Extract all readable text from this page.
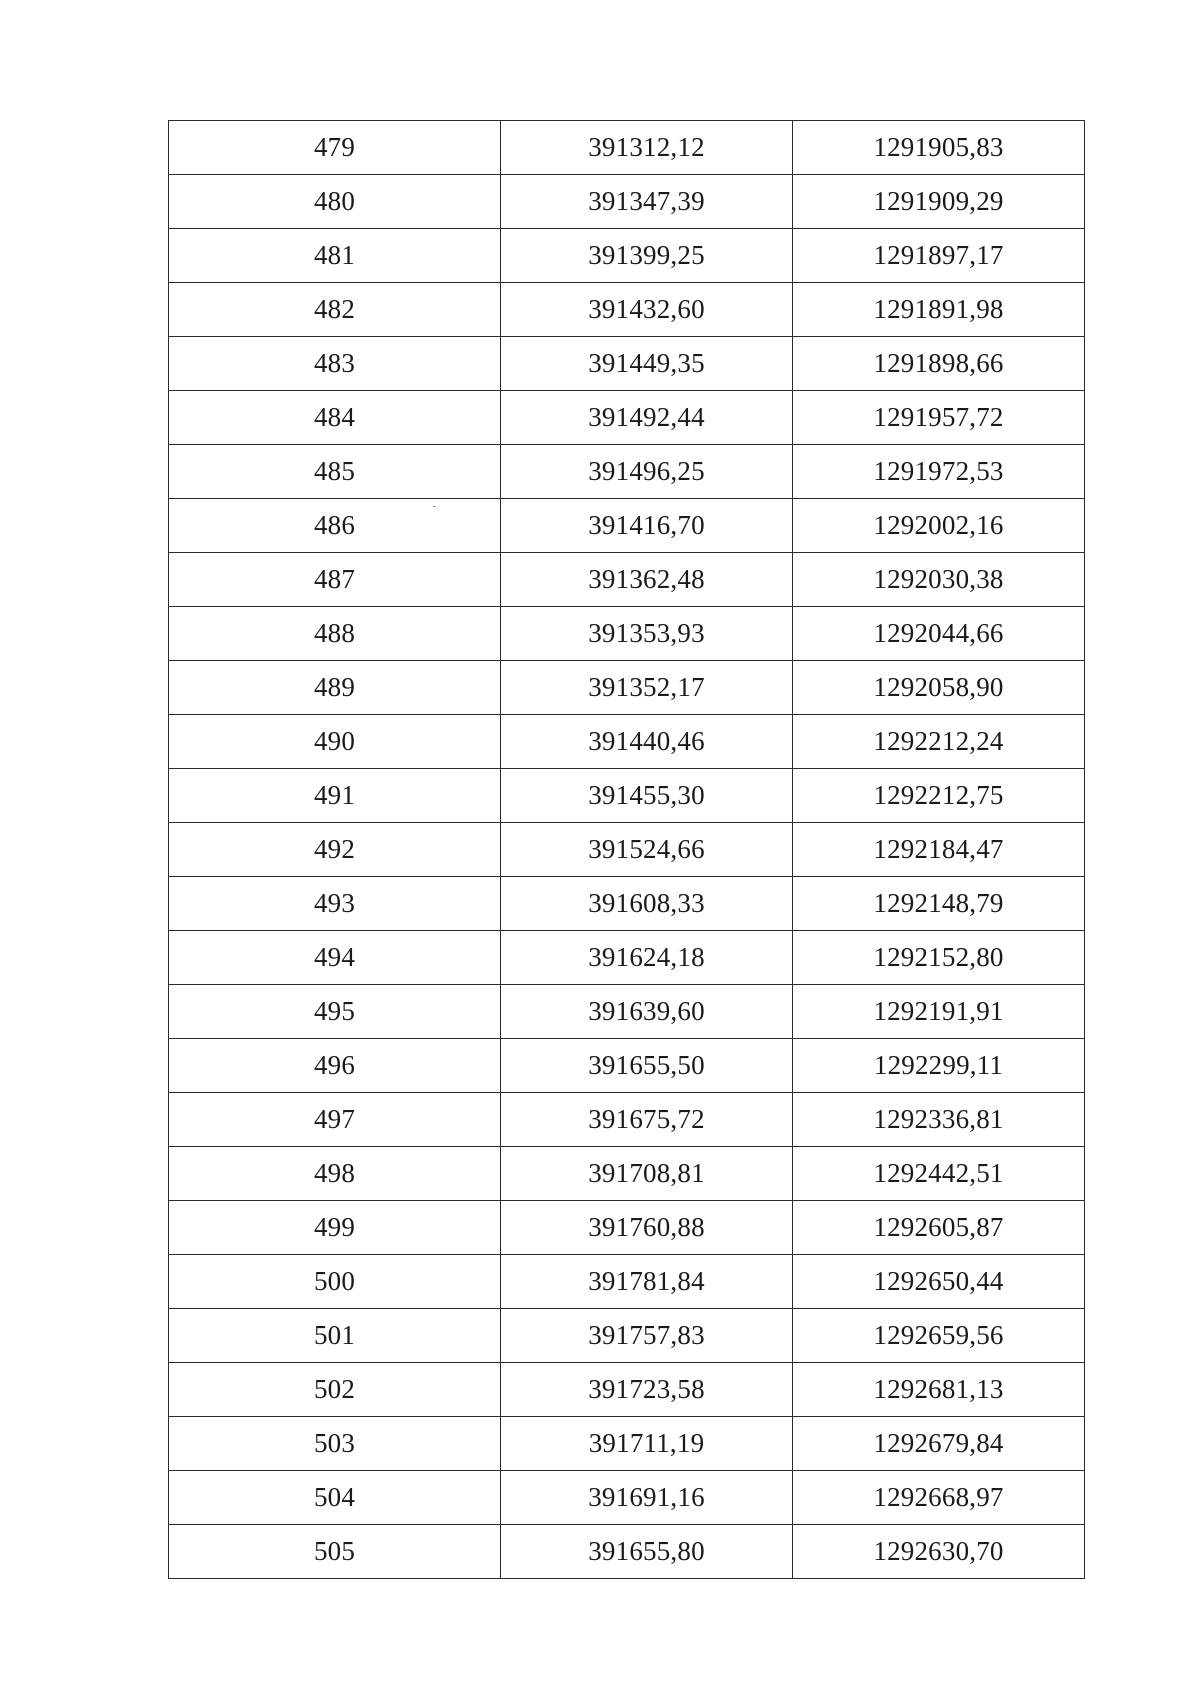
479	391312,12	1291905,83
480	391347,39	1291909,29
481	391399,25	1291897,17
482	391432,60	1291891,98
483	391449,35	1291898,66
484	391492,44	1291957,72
485	391496,25	1291972,53
486	391416,70	1292002,16
487	391362,48	1292030,38
488	391353,93	1292044,66
489	391352,17	1292058,90
490	391440,46	1292212,24
491	391455,30	1292212,75
492	391524,66	1292184,47
493	391608,33	1292148,79
494	391624,18	1292152,80
495	391639,60	1292191,91
496	391655,50	1292299,11
497	391675,72	1292336,81
498	391708,81	1292442,51
499	391760,88	1292605,87
500	391781,84	1292650,44
501	391757,83	1292659,56
502	391723,58	1292681,13
503	391711,19	1292679,84
504	391691,16	1292668,97
505	391655,80	1292630,70
